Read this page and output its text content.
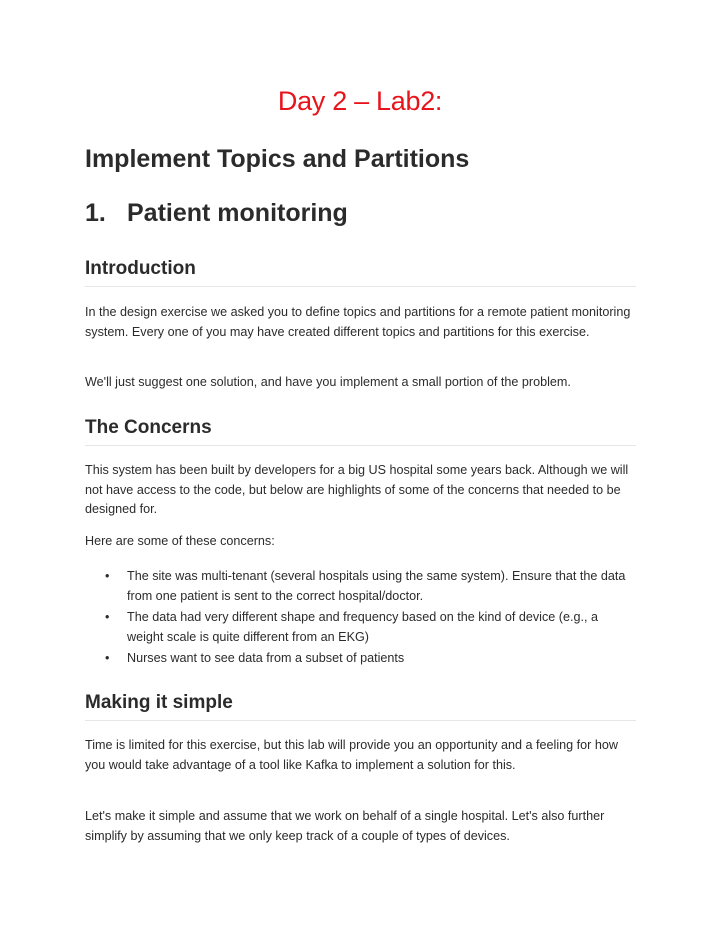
Day 2 – Lab2:
Implement Topics and Partitions
1. Patient monitoring
Introduction

In the design exercise we asked you to define topics and partitions for a remote patient monitoring system. Every one of you may have created different topics and partitions for this exercise.

We'll just suggest one solution, and have you implement a small portion of the problem.

The Concerns

This system has been built by developers for a big US hospital some years back. Although we will not have access to the code, but below are highlights of some of the concerns that needed to be designed for.

Here are some of these concerns:

• The site was multi-tenant (several hospitals using the same system). Ensure that the data from one patient is sent to the correct hospital/doctor.
• The data had very different shape and frequency based on the kind of device (e.g., a weight scale is quite different from an EKG)
• Nurses want to see data from a subset of patients
Making it simple

Time is limited for this exercise, but this lab will provide you an opportunity and a feeling for how you would take advantage of a tool like Kafka to implement a solution for this.

Let's make it simple and assume that we work on behalf of a single hospital. Let's also further simplify by assuming that we only keep track of a couple of types of devices.
